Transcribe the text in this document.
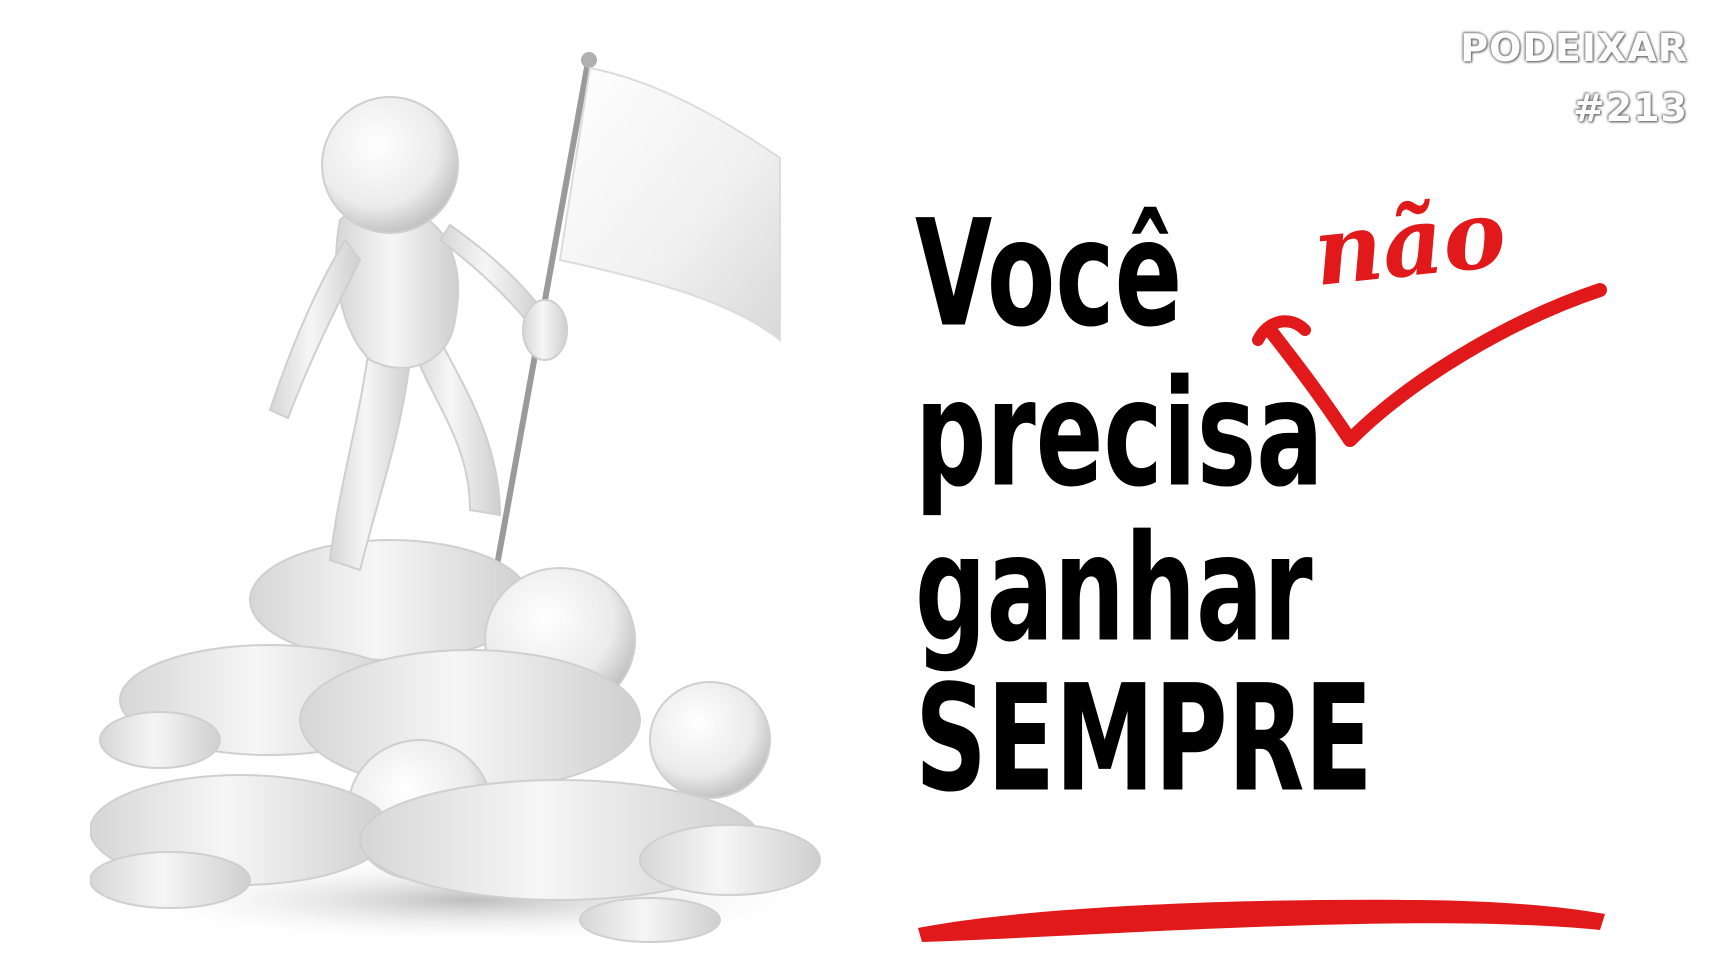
PODEIXAR #213
Você
precisa
ganhar
SEMPRE
não
